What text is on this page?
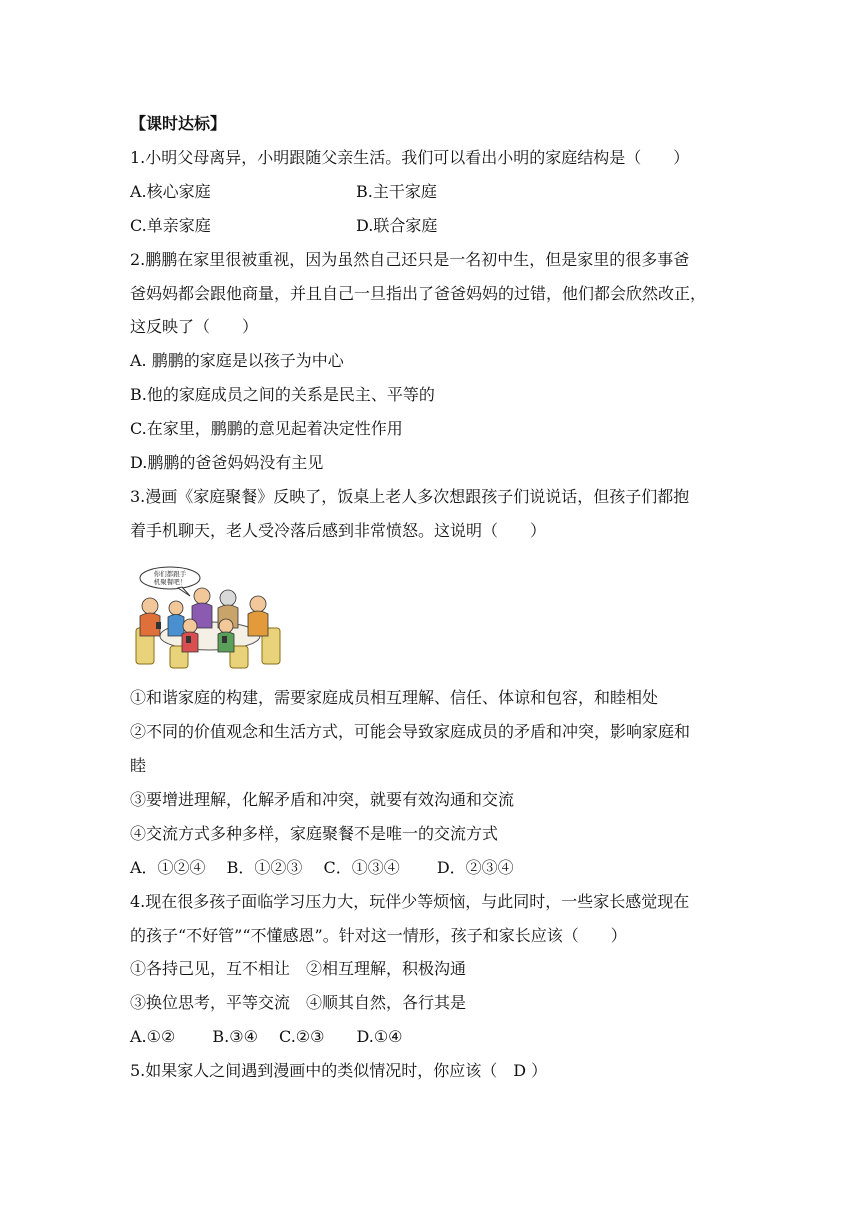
【课时达标】
1.小明父母离异，小明跟随父亲生活。我们可以看出小明的家庭结构是（　　）
A.核心家庭	B.主干家庭
C.单亲家庭	D.联合家庭
2.鹏鹏在家里很被重视，因为虽然自己还只是一名初中生，但是家里的很多事爸
爸妈妈都会跟他商量，并且自己一旦指出了爸爸妈妈的过错，他们都会欣然改正，
这反映了（　　）
A. 鹏鹏的家庭是以孩子为中心
B.他的家庭成员之间的关系是民主、平等的
C.在家里，鹏鹏的意见起着决定性作用
D.鹏鹏的爸爸妈妈没有主见
3.漫画《家庭聚餐》反映了，饭桌上老人多次想跟孩子们说说话，但孩子们都抱
着手机聊天，老人受冷落后感到非常愤怒。这说明（　　）
你们都跟手
机聚餐吧！
①和谐家庭的构建，需要家庭成员相互理解、信任、体谅和包容，和睦相处
②不同的价值观念和生活方式，可能会导致家庭成员的矛盾和冲突，影响家庭和
睦
③要增进理解，化解矛盾和冲突，就要有效沟通和交流
④交流方式多种多样，家庭聚餐不是唯一的交流方式
A．①②④　 B．①②③　 C．①③④　　 D．②③④
4.现在很多孩子面临学习压力大，玩伴少等烦恼，与此同时，一些家长感觉现在
的孩子“不好管”“不懂感恩”。针对这一情形，孩子和家长应该（　　）
①各持己见，互不相让　②相互理解，积极沟通
③换位思考，平等交流　④顺其自然，各行其是
A.①②　　 B.③④　 C.②③　　D.①④
5.如果家人之间遇到漫画中的类似情况时，你应该（　D ）
